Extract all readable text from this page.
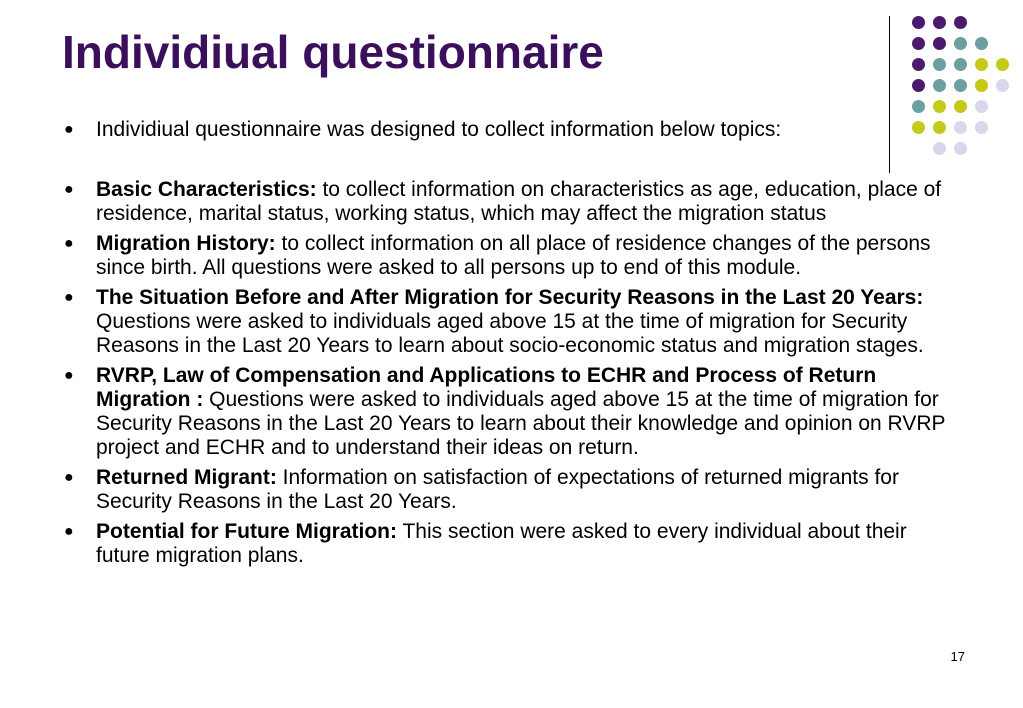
Individiual questionnaire
●	Individiual questionnaire was designed to collect information below topics:
● Basic Characteristics: to collect information on characteristics as age, education, place of residence, marital status, working status, which may affect the migration status
● Migration History: to collect information on all place of residence changes of the persons since birth. All questions were asked to all persons up to end of this module.
● The Situation Before and After Migration for Security Reasons in the Last 20 Years: Questions were asked to individuals aged above 15 at the time of migration for Security Reasons in the Last 20 Years to learn about socio-economic status and migration stages.
● RVRP, Law of Compensation and Applications to ECHR and Process of Return Migration : Questions were asked to individuals aged above 15 at the time of migration for Security Reasons in the Last 20 Years to learn about their knowledge and opinion on RVRP project and ECHR and to understand their ideas on return.
● Returned Migrant: Information on satisfaction of expectations of returned migrants for Security Reasons in the Last 20 Years.
● Potential for Future Migration: This section were asked to every individual about their future migration plans.
17
